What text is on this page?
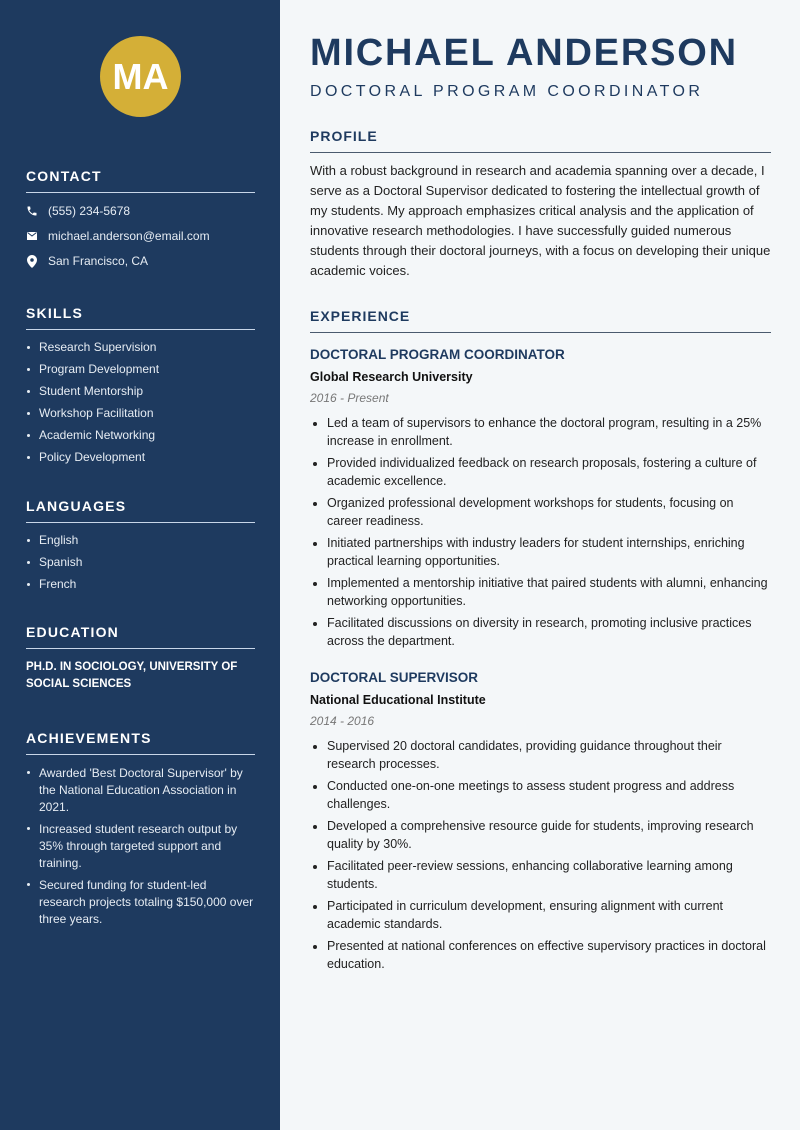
MA
CONTACT
(555) 234-5678
michael.anderson@email.com
San Francisco, CA
SKILLS
Research Supervision
Program Development
Student Mentorship
Workshop Facilitation
Academic Networking
Policy Development
LANGUAGES
English
Spanish
French
EDUCATION
PH.D. IN SOCIOLOGY, UNIVERSITY OF SOCIAL SCIENCES
ACHIEVEMENTS
Awarded 'Best Doctoral Supervisor' by the National Education Association in 2021.
Increased student research output by 35% through targeted support and training.
Secured funding for student-led research projects totaling $150,000 over three years.
MICHAEL ANDERSON
DOCTORAL PROGRAM COORDINATOR
PROFILE

With a robust background in research and academia spanning over a decade, I serve as a Doctoral Supervisor dedicated to fostering the intellectual growth of my students. My approach emphasizes critical analysis and the application of innovative research methodologies. I have successfully guided numerous students through their doctoral journeys, with a focus on developing their unique academic voices.

EXPERIENCE
DOCTORAL PROGRAM COORDINATOR
Global Research University
2016 - Present
Led a team of supervisors to enhance the doctoral program, resulting in a 25% increase in enrollment.
Provided individualized feedback on research proposals, fostering a culture of academic excellence.
Organized professional development workshops for students, focusing on career readiness.
Initiated partnerships with industry leaders for student internships, enriching practical learning opportunities.
Implemented a mentorship initiative that paired students with alumni, enhancing networking opportunities.
Facilitated discussions on diversity in research, promoting inclusive practices across the department.
DOCTORAL SUPERVISOR
National Educational Institute
2014 - 2016
Supervised 20 doctoral candidates, providing guidance throughout their research processes.
Conducted one-on-one meetings to assess student progress and address challenges.
Developed a comprehensive resource guide for students, improving research quality by 30%.
Facilitated peer-review sessions, enhancing collaborative learning among students.
Participated in curriculum development, ensuring alignment with current academic standards.
Presented at national conferences on effective supervisory practices in doctoral education.
